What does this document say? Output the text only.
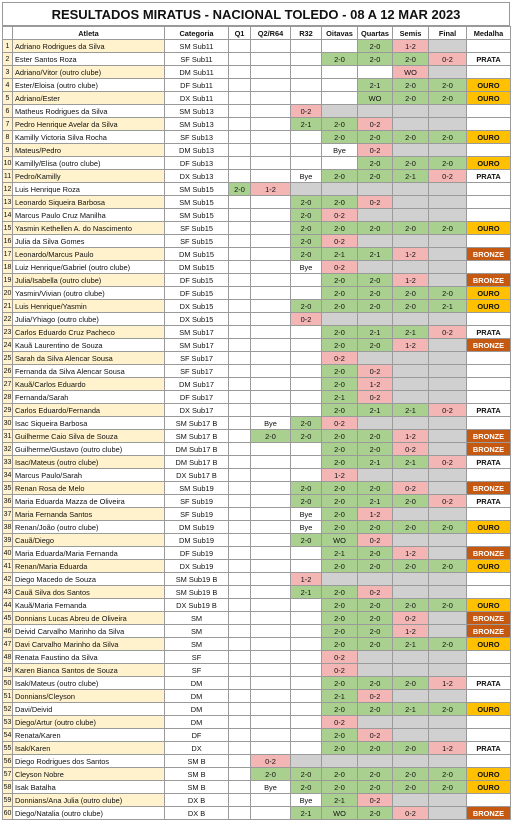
RESULTADOS MIRATUS - NACIONAL TOLEDO - 08 A 12 MAR 2023
	Atleta	Categoria	Q1	Q2/R64	R32	Oitavas	Quartas	Semis	Final	Medalha
1	Adriano Rodrigues da Silva	SM Sub11					2-0	1-2		
2	Ester Santos Roza	SF Sub11				2-0	2-0	2-0	0-2	PRATA
3	Adriano/Vitor (outro clube)	DM Sub11						WO		
4	Ester/Eloisa (outro clube)	DF Sub11					2-1	2-0	2-0	OURO
5	Adriano/Ester	DX Sub11					WO	2-0	2-0	OURO
6	Matheus Rodrigues da Silva	SM Sub13			0-2					
7	Pedro Henrique Avelar da Silva	SM Sub13			2-1	2-0	0-2			
8	Kamilly Victoria Silva Rocha	SF Sub13				2-0	2-0	2-0	2-0	OURO
9	Mateus/Pedro	DM Sub13				Bye	0-2			
10	Kamilly/Elisa (outro clube)	DF Sub13					2-0	2-0	2-0	OURO
11	Pedro/Kamilly	DX Sub13			Bye	2-0	2-0	2-1	0-2	PRATA
12	Luis Henrique Roza	SM Sub15	2-0	1-2						
13	Leonardo Siqueira Barbosa	SM Sub15			2-0	2-0	0-2			
14	Marcus Paulo Cruz Manilha	SM Sub15			2-0	0-2				
15	Yasmin Kethellen A. do Nascimento	SF Sub15			2-0	2-0	2-0	2-0	2-0	OURO
16	Julia da Silva Gomes	SF Sub15			2-0	0-2				
17	Leonardo/Marcus Paulo	DM Sub15			2-0	2-1	2-1	1-2		BRONZE
18	Luiz Henrique/Gabriel (outro clube)	DM Sub15			Bye	0-2				
19	Julia/Isabella (outro clube)	DF Sub15				2-0	2-0	1-2		BRONZE
20	Yasmin/Vivian (outro clube)	DF Sub15				2-0	2-0	2-0	2-0	OURO
21	Luis Henrique/Yasmin	DX Sub15			2-0	2-0	2-0	2-0	2-1	OURO
22	Julia/Yhiago (outro clube)	DX Sub15			0-2					
23	Carlos Eduardo Cruz Pacheco	SM Sub17				2-0	2-1	2-1	0-2	PRATA
24	Kauã Laurentino de Souza	SM Sub17				2-0	2-0	1-2		BRONZE
25	Sarah da Silva Alencar Sousa	SF Sub17				0-2				
26	Fernanda da Silva Alencar Sousa	SF Sub17				2-0	0-2			
27	Kauã/Carlos Eduardo	DM Sub17				2-0	1-2			
28	Fernanda/Sarah	DF Sub17				2-1	0-2			
29	Carlos Eduardo/Fernanda	DX Sub17				2-0	2-1	2-1	0-2	PRATA
30	Isac Siqueira Barbosa	SM Sub17 B		Bye	2-0	0-2				
31	Guilherme Caio Silva de Souza	SM Sub17 B		2-0	2-0	2-0	2-0	1-2		BRONZE
32	Guilherme/Gustavo (outro clube)	DM Sub17 B				2-0	2-0	0-2		BRONZE
33	Isac/Mateus (outro clube)	DM Sub17 B				2-0	2-1	2-1	0-2	PRATA
34	Marcus Paulo/Sarah	DX Sub17 B				1-2				
35	Renan Rosa de Melo	SM Sub19			2-0	2-0	2-0	0-2		BRONZE
36	Maria Eduarda Mazza de Oliveira	SF Sub19			2-0	2-0	2-1	2-0	0-2	PRATA
37	Maria Fernanda Santos	SF Sub19			Bye	2-0	1-2			
38	Renan/João (outro clube)	DM Sub19			Bye	2-0	2-0	2-0	2-0	OURO
39	Cauã/Diego	DM Sub19			2-0	WO	0-2			
40	Maria Eduarda/Maria Fernanda	DF Sub19				2-1	2-0	1-2		BRONZE
41	Renan/Maria Eduarda	DX Sub19				2-0	2-0	2-0	2-0	OURO
42	Diego Macedo de Souza	SM Sub19 B			1-2					
43	Cauã Silva dos Santos	SM Sub19 B			2-1	2-0	0-2			
44	Kauã/Maria Fernanda	DX Sub19 B				2-0	2-0	2-0	2-0	OURO
45	Donnians Lucas Abreu de Oliveira	SM				2-0	2-0	0-2		BRONZE
46	Deivid Carvalho Marinho da Silva	SM				2-0	2-0	1-2		BRONZE
47	Davi Carvalho Marinho da Silva	SM				2-0	2-0	2-1	2-0	OURO
48	Renata Faustino da Silva	SF				0-2				
49	Karen Bianca Santos de Souza	SF				0-2				
50	Isak/Mateus (outro clube)	DM				2-0	2-0	2-0	1-2	PRATA
51	Donnians/Cleyson	DM				2-1	0-2			
52	Davi/Deivid	DM				2-0	2-0	2-1	2-0	OURO
53	Diego/Artur (outro clube)	DM				0-2				
54	Renata/Karen	DF				2-0	0-2			
55	Isak/Karen	DX				2-0	2-0	2-0	1-2	PRATA
56	Diego Rodrigues dos Santos	SM B		0-2						
57	Cleyson Nobre	SM B		2-0	2-0	2-0	2-0	2-0	2-0	OURO
58	Isak Batalha	SM B		Bye	2-0	2-0	2-0	2-0	2-0	OURO
59	Donnians/Ana Julia (outro clube)	DX B			Bye	2-1	0-2			
60	Diego/Natalia (outro clube)	DX B			2-1	WO	2-0	0-2		BRONZE
